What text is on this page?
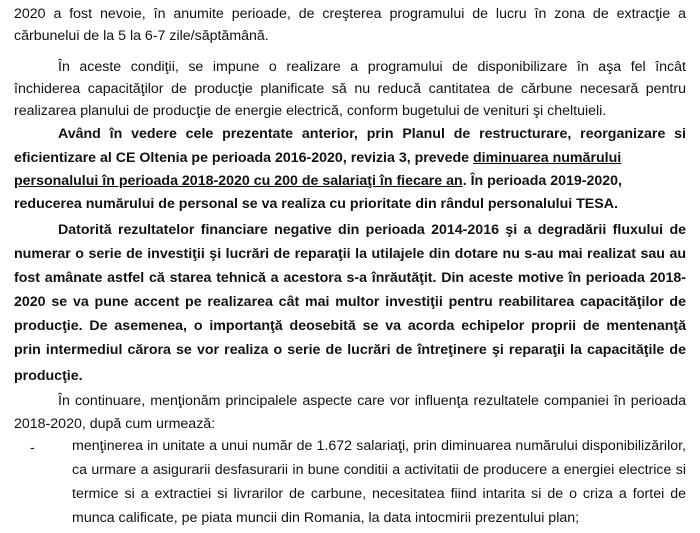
2020 a fost nevoie, în anumite perioade, de creşterea programului de lucru în zona de extracţie a
cărbunelui de la 5 la 6-7 zile/săptămână.
În aceste condiţii, se impune o realizare a programului de disponibilizare în aşa fel încât
închiderea capacităţilor de producţie planificate să nu reducă cantitatea de cărbune necesară pentru
realizarea planului de producţie de energie electrică, conform bugetului de venituri şi cheltuieli.
Având în vedere cele prezentate anterior, prin Planul de restructurare, reorganizare si
eficientizare al CE Oltenia pe perioada 2016-2020, revizia 3, prevede diminuarea numărului
personalului în perioada 2018-2020 cu 200 de salariaţi în fiecare an. În perioada 2019-2020,
reducerea numărului de personal se va realiza cu prioritate din rândul personalului TESA.
Datorită rezultatelor financiare negative din perioada 2014-2016 şi a degradării fluxului de
numerar o serie de investiţii şi lucrări de reparaţii la utilajele din dotare nu s-au mai realizat sau au
fost amânate astfel că starea tehnică a acestora s-a înrăutăţit. Din aceste motive în perioada 2018-
2020 se va pune accent pe realizarea cât mai multor investiţii pentru reabilitarea capacităţilor de
producţie. De asemenea, o importanţă deosebită se va acorda echipelor proprii de mentenanţă
prin intermediul cărora se vor realiza o serie de lucrări de întreţinere şi reparaţii la capacităţile de
producţie.
În continuare, menţionăm principalele aspecte care vor influenţa rezultatele companiei în perioada
2018-2020, după cum urmează:
-	menţinerea in unitate a unui număr de 1.672 salariaţi, prin diminuarea numărului disponibilizărilor,
ca urmare a asigurarii desfasurarii in bune conditii a activitatii de producere a energiei electrice si
termice si a extractiei si livrarilor de carbune, necesitatea fiind intarita si de o criza a fortei de
munca calificate, pe piata muncii din Romania, la data intocmirii prezentului plan;
